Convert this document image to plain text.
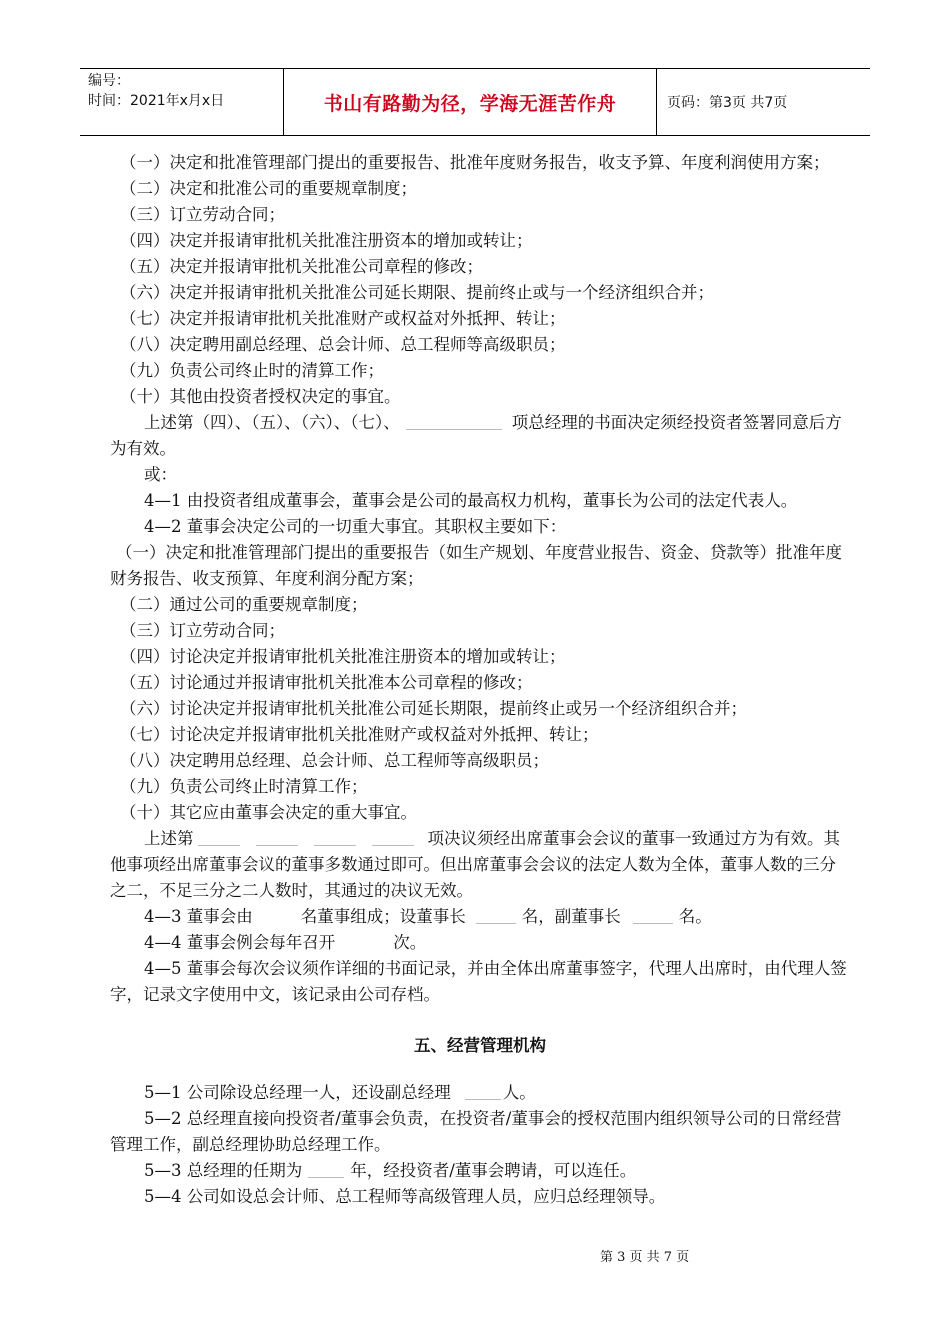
编号：
时间：2021年x月x日	书山有路勤为径，学海无涯苦作舟	页码：第3页 共7页

（一）决定和批准管理部门提出的重要报告、批准年度财务报告，收支予算、年度利润使用方案；

（二）决定和批准公司的重要规章制度；

（三）订立劳动合同；

（四）决定并报请审批机关批准注册资本的增加或转让；

（五）决定并报请审批机关批准公司章程的修改；

（六）决定并报请审批机关批准公司延长期限、提前终止或与一个经济组织合并；

（七）决定并报请审批机关批准财产或权益对外抵押、转让；

（八）决定聘用副总经理、总会计师、总工程师等高级职员；

（九）负责公司终止时的清算工作；

（十）其他由投资者授权决定的事宜。

上述第（四）、（五）、（六）、（七）、	项总经理的书面决定须经投资者签署同意后方为有效。

或：

4—1 由投资者组成董事会，董事会是公司的最高权力机构，董事长为公司的法定代表人。

4—2 董事会决定公司的一切重大事宜。其职权主要如下：

（一）决定和批准管理部门提出的重要报告（如生产规划、年度营业报告、资金、贷款等）批准年度财务报告、收支预算、年度利润分配方案；

（二）通过公司的重要规章制度；

（三）订立劳动合同；

（四）讨论决定并报请审批机关批准注册资本的增加或转让；

（五）讨论通过并报请审批机关批准本公司章程的修改；

（六）讨论决定并报请审批机关批准公司延长期限，提前终止或另一个经济组织合并；

（七）讨论决定并报请审批机关批准财产或权益对外抵押、转让；

（八）决定聘用总经理、总会计师、总工程师等高级职员；

（九）负责公司终止时清算工作；

（十）其它应由董事会决定的重大事宜。

上述第	项决议须经出席董事会会议的董事一致通过方为有效。其他事项经出席董事会议的董事多数通过即可。但出席董事会会议的法定人数为全体，董事人数的三分之二，不足三分之二人数时，其通过的决议无效。

4—3 董事会由	名董事组成；设董事长	名，副董事长	名。

4—4 董事会例会每年召开	次。

4—5 董事会每次会议须作详细的书面记录，并由全体出席董事签字，代理人出席时，由代理人签字，记录文字使用中文，该记录由公司存档。

五、经营管理机构

5—1 公司除设总经理一人，还设副总经理	人。

5—2 总经理直接向投资者/董事会负责，在投资者/董事会的授权范围内组织领导公司的日常经营管理工作，副总经理协助总经理工作。

5—3 总经理的任期为	年，经投资者/董事会聘请，可以连任。

5—4 公司如设总会计师、总工程师等高级管理人员，应归总经理领导。

第 3 页 共 7 页
